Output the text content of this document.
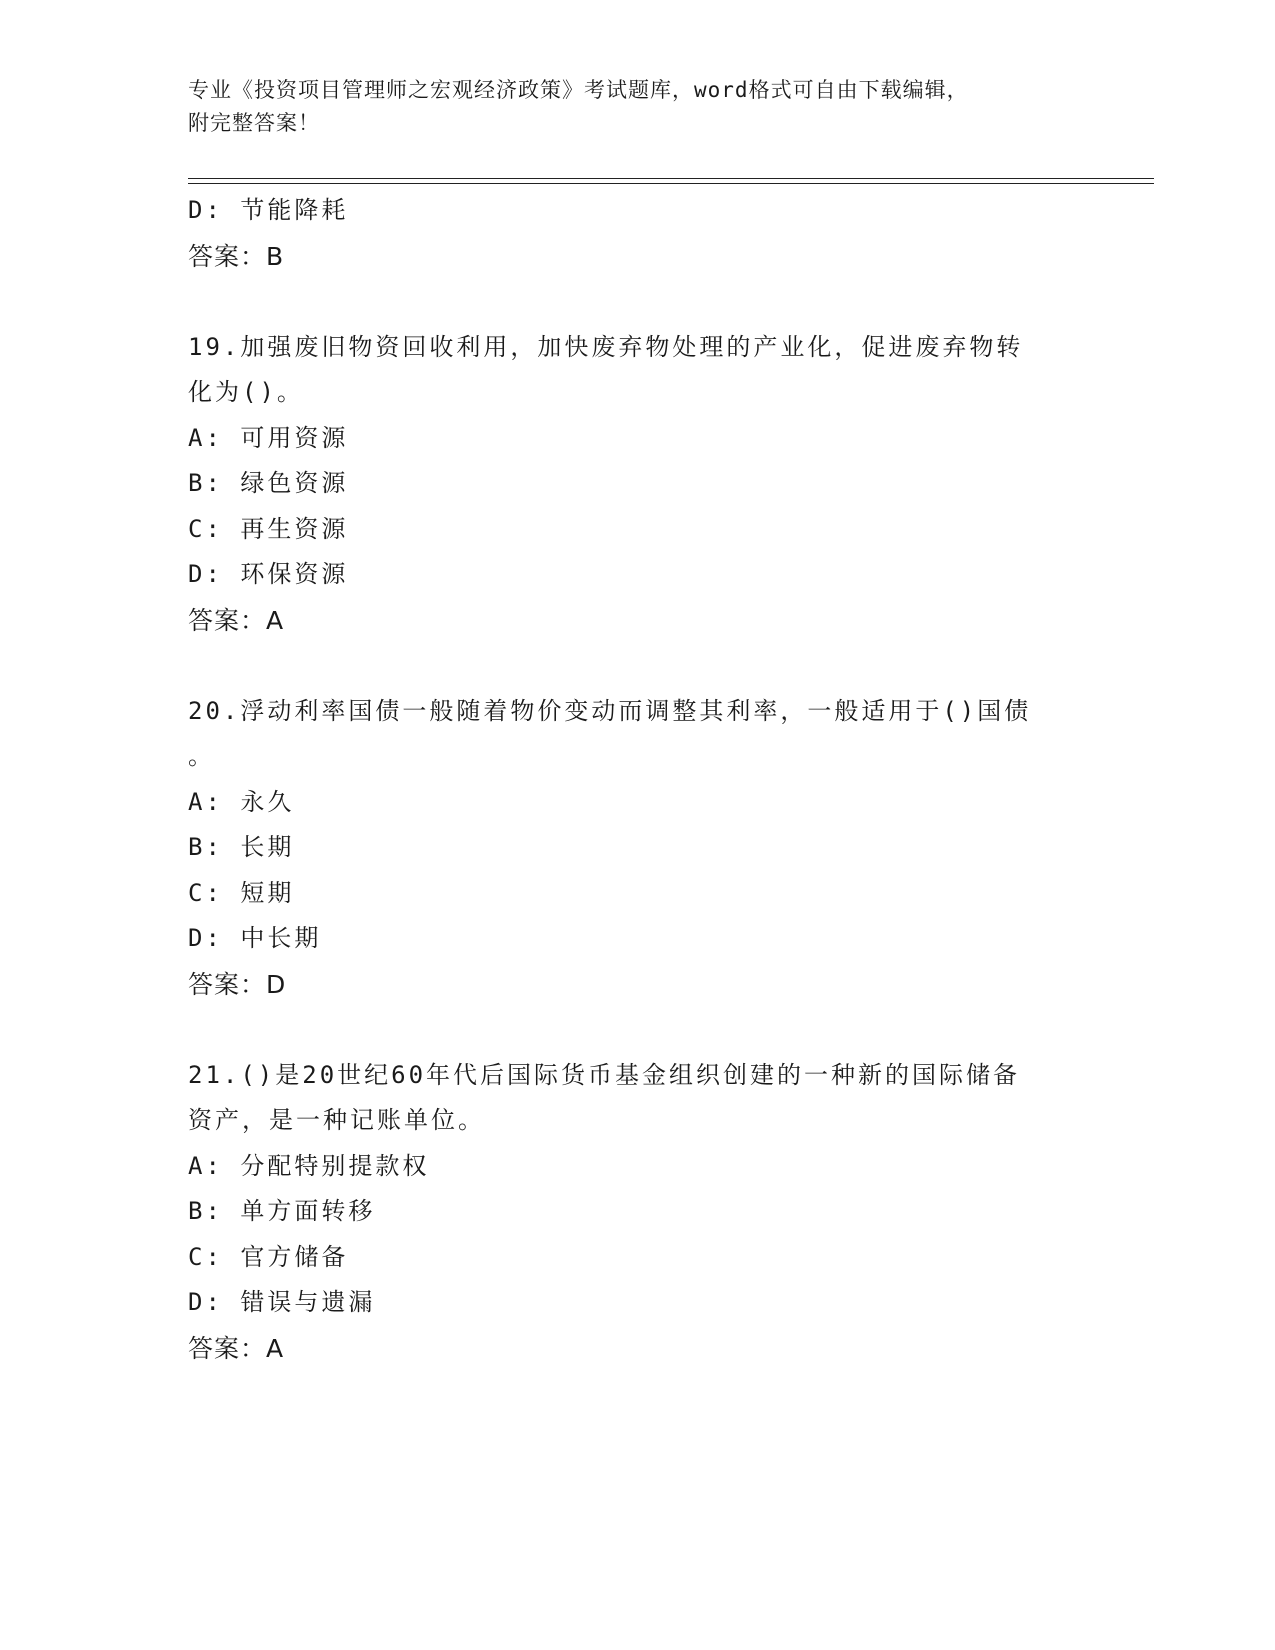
专业《投资项目管理师之宏观经济政策》考试题库，word格式可自由下载编辑，
附完整答案！
D: 节能降耗
答案：B
19.加强废旧物资回收利用，加快废弃物处理的产业化，促进废弃物转
化为()。
A: 可用资源
B: 绿色资源
C: 再生资源
D: 环保资源
答案：A
20.浮动利率国债一般随着物价变动而调整其利率，一般适用于()国债
。
A: 永久
B: 长期
C: 短期
D: 中长期
答案：D
21.()是20世纪60年代后国际货币基金组织创建的一种新的国际储备
资产，是一种记账单位。
A: 分配特别提款权
B: 单方面转移
C: 官方储备
D: 错误与遗漏
答案：A
